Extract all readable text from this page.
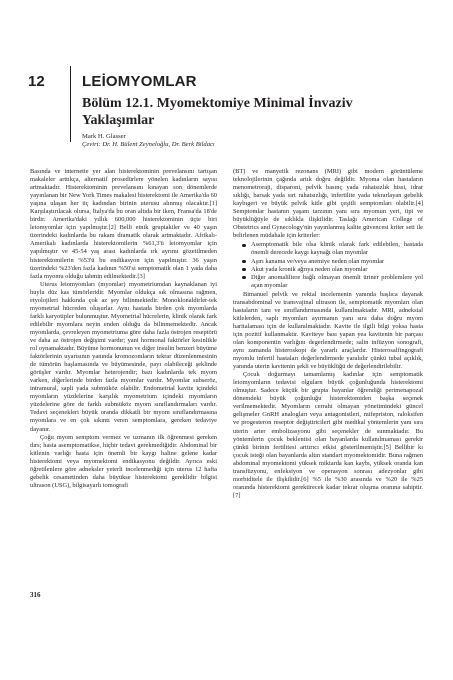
12 LEİOMYOMLAR
Bölüm 12.1. Myomektomiye Minimal İnvaziv Yaklaşımlar
Mark H. Glasser
Çeviri: Dr. H. Bülent Zeyneloğlu, Dr. Berk Bildacı

Basında ve internette yer alan histerektominin prevelansını tartışan makaleler arttıkça, alternatif prosedürlere yönelen kadınların sayısı artmaktadır. Histerektominin prevelansını kınayan son dönemlerde yayınlanan bir New York Times makalesi histerektomi ile Amerika'da 60 yaşına ulaşan her üç kadından birinin uterusu alınmış olacaktır.[1] Karşılaştırılacak olursa, İtalya'da bu oran altıda bir iken, Fransa'da 18'de birdir. Amerika'daki yıllık 600,000 histerektominin üçte biri leiomyomlar için yapılmıştır.[2] Belli etnik gruptakiler ve 40 yaşın üzerindeki kadınlarda bu rakam dramatik olarak artmaktadır. Afrikalı-Amerikalı kadınlarda histerektomilerin %61,3'ü leiomyomlar için yapılmıştır ve 45-54 yaş arası kadınlarda ırk ayrımı gözetilmeden histerektomilerin %53'ü bu endikasyon için yapılmıştır. 36 yaşın üzerindeki %23'den fazla kadının %50'si semptomatik olan 1 yada daha fazla myomu olduğu tahmin edilmektedir.[3]

Uterus leiomyomları (myomlar) myometriumdan kaynaklanan iyi huylu düz kas tümörleridir. Myomlar oldukça sık olmasına rağmen, etyolojileri hakkında çok az şey bilinmektedir. Monoklonaldirler-tek myometrial hücreden oluşurlar. Aynı hastada birden çok myomlarda farklı karyotipler bulunmuştur. Myometrial hücrelerin, klinik olarak fark edilebilir myomlara neyin enden olduğu da bilinmemektedir. Ancak myomlarda, çevreleyen myometriuma göre daha fazla östrojen reseptörü ve daha az östrojen değişimi vardır; yani hormonal faktörler kesinlikle rol oynamaktadır. Büyüme hormonunun ve diğer insulin benzeri büyüme faktörlerinin uyarısının yanında kromozomların tekrar düzenlenmesinin de tümörün başlamasında ve büyümesinde, payı olabileceği şeklinde görüşler vardır. Myomlar heterojendir; bazı kadınlarda tek myom varken, diğerlerinde birden fazla myomlar vardır. Myomlar subseröz, intramural, sapli yada submüköz olabilir. Endometrial kavite içindeki myomların yüzdelerine karşılık myometrium içindeki myomların yüzdelerine göre de farklı submüköz myom sınıflandırmaları vardır. Tedavi seçenekleri büyük oranda dikkatli bir myom sınıflandırmasına myomlara ve en çok sıkıntı veren semptomlara, gereken tedaviye dayanır.

Çoğu myom semptom vermez ve uzmanın ilk öğrenmesi gereken dırs; hasta asemptomatikse, hiçbir tedavi gerekmediğidir. Abdominal bir kitlenin varlığı hasta için önemli bir kaygı haline gelene kadar histerektomi veya myomektomi endikasyonu değildir. Ayrıca eski öğretilenlere göre adneksler yeterli incelenmediği için uterus 12 hafta gebelik cesametinden daha büyükse histerektomi gereklidir bilgisi ultrason (USG), bilgisayarlı tomografi

(BT) ve manyetik rezonans (MRI) gibi modern görüntüleme teknolojilerinin çağında artık doğru değildir. Myoma olan hastaların menometroraji, disparoni, pelvik basınç yada rahatsızlık hissi, idrar sıklığı, barsak yada sırt rahatsızlığı, infertilite yada tekrarlayan gebelik kaybıgeri ve büyük pelvik kitle gibi çeşitli semptomları olabilir.[4] Semptomlar hastanın yaşam tarzının yanı sıra myomun yeri, tipi ve büyüklüğüyle de sıklıkla ilişkilidir. Taslağı American College of Obstetrics and Gynecology'nin yayınlanmış kalite güvencesi kriter seti ile belirlenen müdahale için kriterler:

Asemptomatik bile olsa klinik olarak fark edilebilen, hastada önemli derecede kaygı kaynağı olan myomlar
Aşırı kanama ve/veya anemiye neden olan myomlar
Akut yada kronik ağrıya neden olan myomlar
Diğer anomaliliere bağlı olmayan önemli üriner problemlere yol açan myomlar

Bimanuel pelvik ve rektal incelemenin yanında başlıca dayanak transabdominal ve transvajinal ultrason ile, semptomatik myomları olan hastaların tanı ve sınıflandırmasında kullanılmaktadır. MRI, adneksial kitlelerden, saplı myomları ayırmanın yanı sıra daha doğru myom haritalaması için de kullanılmaktadır. Kavite ile ilgili bilgi yoksa hasta için pozitif kullanmaktır. Kaviteye bası yapan yea kavitenin bir parçası olan komponentin varlığını degerlendirmede; salin infüzyon sonografi, aynı zamanda histeroskopi de yararlı araçlardır. Histerosalfingografi myomlu infertil hastaları değerlendirmede yaralıdır çünkü tubal açıklık, yanında uterin kavitenin şekli ve büyüklüğü de değerlendirilebilir.

Çocuk doğurmayı tamamlamış kadınlar için semptomatik leiomyomların tedavisi olgularn büyük çoğunluğunda histerektomi olmuştur. Sadece küçük bir grupta bayanlar öğrendiği perimenapozal dönemdeki büyük çoğunluğu histerektomiden başka seçenek verilmemektedir. Myomların cerrahi olmayan yönetimindeki güncel gelişmeler GnRH analogları veya antagonistleri, mifepriston, raloksifen ve progesteron reseptor değiştiricileri gibi medikal yöntemlerin yanı sıra uterin arter embolizasyonu gibi seçenekler de sunmaktadır. Bu yöntemlerin çocuk beklentisi olan bayanlarda kullanılmaması gerekir çünkü birinin fertilitesi arttırıcı etkisi gösterilmemiştir.[5] Bellibir kı çocuk isteği olan bayanlarda altın standart myomektomidir. Buna rağmen abdominal myomektomi yüksek miktarda kan kaybı, yüksek oranda kan transfüzyonu, enfeksiyon ve operasyon sonrası adezyonlar gibi morbiditele ile ilişkilidir.[6] %5 ile %30 arasında ve %20 ile %25 oranında histerektomi gerektirecek kadar tekrar oluşma oranına sahiptir.[7]

316
